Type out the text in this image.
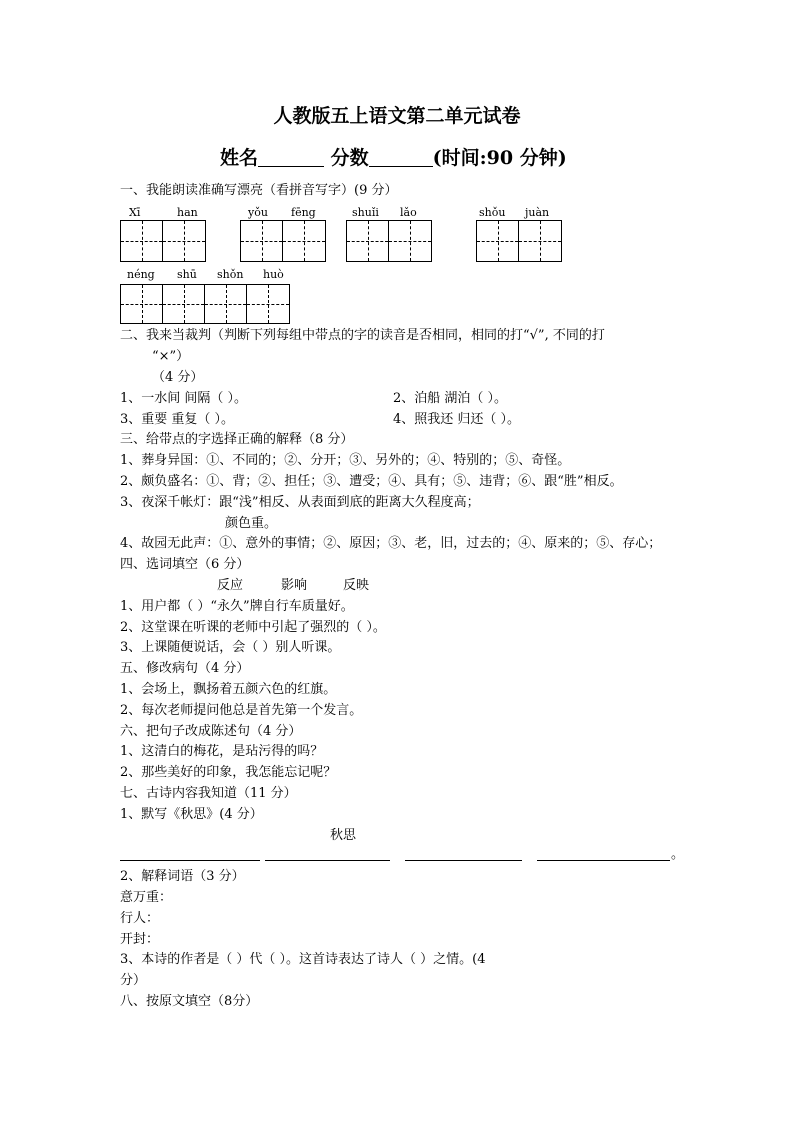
人教版五上语文第二单元试卷
姓名	分数	(时间:90 分钟)
一、我能朗读准确写漂亮（看拼音写字）(9 分）
Xī	han	yǒu fēng	shuǐi lǎo	shǒu juàn
néng shū shǒn huò
二、我来当裁判（判断下列每组中带点的字的读音是否相同，相同的打“√”, 不同的打
“×”）
（4 分）
1、一水间 间隔（ ）。	2、泊船 湖泊（ ）。
3、重要 重复（ ）。	4、照我还 归还（ ）。
三、给带点的字选择正确的解释（8 分）
1、葬身异国：①、不同的；②、分开；③、另外的；④、特别的；⑤、奇怪。
2、颇负盛名：①、背；②、担任；③、遭受；④、具有；⑤、违背；⑥、跟“胜”相反。
3、夜深千帐灯：跟“浅”相反、从表面到底的距离大久程度高；
颜色重。
4、故园无此声：①、意外的事情；②、原因；③、老，旧，过去的；④、原来的；⑤、存心；
四、选词填空（6 分）
反应	影响	反映
1、用户都（ ）“永久”牌自行车质量好。
2、这堂课在听课的老师中引起了强烈的（ ）。
3、上课随便说话，会（ ）别人听课。
五、修改病句（4 分）
1、会场上，飘扬着五颜六色的红旗。
2、每次老师提问他总是首先第一个发言。
六、把句子改成陈述句（4 分）
1、这清白的梅花，是玷污得的吗？
2、那些美好的印象，我怎能忘记呢？
七、古诗内容我知道（11 分）
1、默写《秋思》(4 分）
秋思
。
2、解释词语（3 分）
意万重：
行人：
开封：
3、本诗的作者是（ ）代（ ）。这首诗表达了诗人（ ）之情。(4
分）
八、按原文填空（8分）
